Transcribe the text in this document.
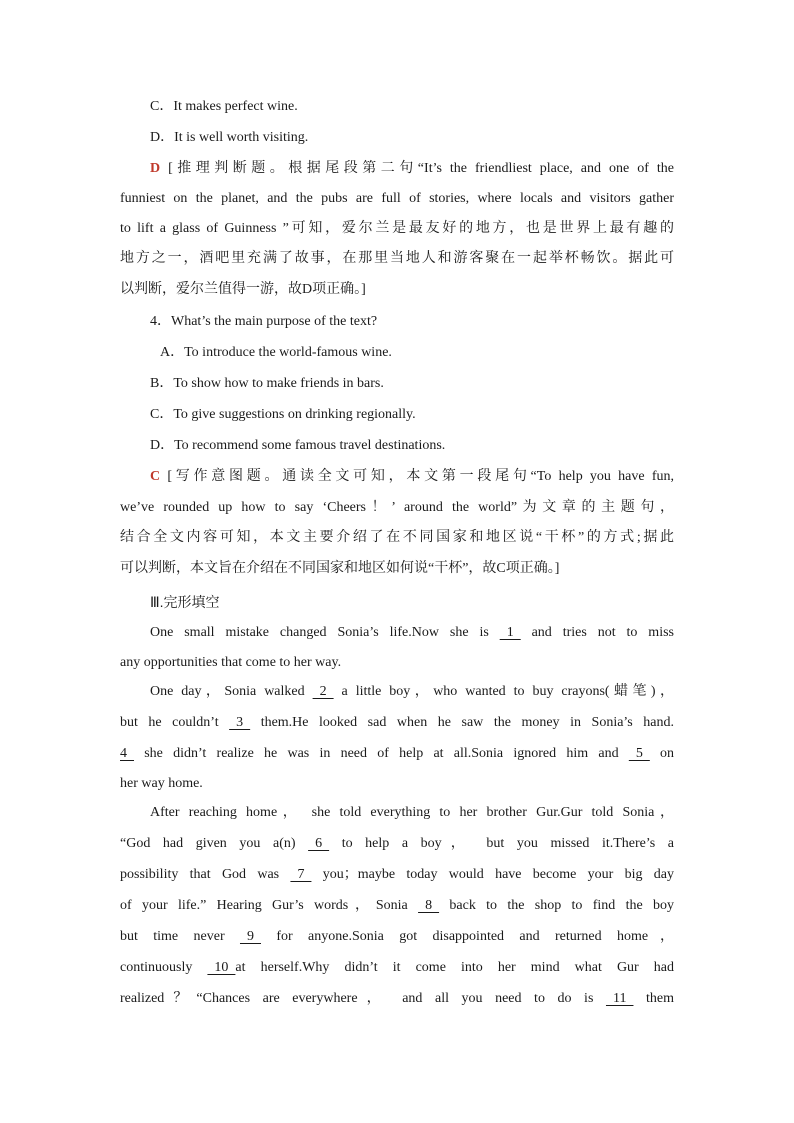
C．It makes perfect wine.
D．It is well worth visiting.
D [推理判断题。根据尾段第二句“It’s the friendliest place, and one of the
funniest on the planet, and the pubs are full of stories, where locals and visitors gather
to lift a glass of Guinness ”可知，爱尔兰是最友好的地方，也是世界上最有趣的
地方之一，酒吧里充满了故事，在那里当地人和游客聚在一起举杯畅饮。据此可
以判断，爱尔兰值得一游，故D项正确。]
4．What’s the main purpose of the text?
A．To introduce the world-famous wine.
B．To show how to make friends in bars.
C．To give suggestions on drinking regionally.
D．To recommend some famous travel destinations.
C [写作意图题。通读全文可知，本文第一段尾句“To help you have fun,
we’ve rounded up how to say ‘Cheers！’ around the world”为文章的主题句，
结合全文内容可知，本文主要介绍了在不同国家和地区说“干杯”的方式;据此
可以判断，本文旨在介绍在不同国家和地区如何说“干杯”，故C项正确。]
Ⅲ.完形填空
One small mistake changed Sonia’s life.Now she is   1   and tries not to miss
any opportunities that come to her way.
One day，Sonia walked   2   a little boy，who wanted to buy crayons(蜡笔)，
but he couldn’t   3   them.He looked sad when he saw the money in Sonia’s hand.
4   she didn’t realize he was in need of help at all.Sonia ignored him and   5   on
her way home.
After reaching home， she told everything to her brother Gur.Gur told Sonia，
“God had given you a(n)   6   to help a boy， but you missed it.There’s a
possibility that God was   7   you；maybe today would have become your big day
of your life.” Hearing Gur’s words，Sonia   8   back to the shop to find the boy
but time never   9   for anyone.Sonia got disappointed and returned home，
continuously   10  at herself.Why didn’t it come into her mind what Gur had
realized？“Chances are everywhere， and all you need to do is   11   them
